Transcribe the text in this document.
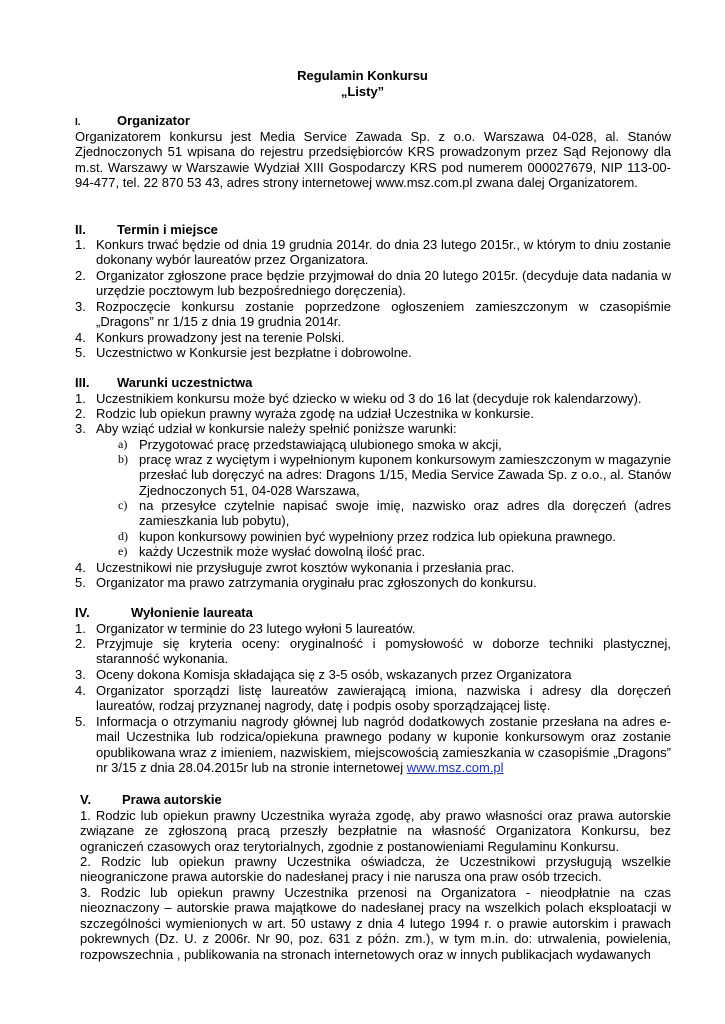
Regulamin Konkursu
„Listy”
I.	Organizator
Organizatorem konkursu jest Media Service Zawada Sp. z o.o. Warszawa 04-028, al. Stanów Zjednoczonych 51 wpisana do rejestru przedsiębiorców KRS prowadzonym przez Sąd Rejonowy dla m.st. Warszawy w Warszawie Wydział XIII Gospodarczy KRS pod numerem 000027679, NIP 113-00-94-477, tel. 22 870 53 43, adres strony internetowej www.msz.com.pl zwana dalej Organizatorem.
II. Termin i miejsce
1. Konkurs trwać będzie od dnia 19 grudnia 2014r. do dnia 23 lutego 2015r., w którym to dniu zostanie dokonany wybór laureatów przez Organizatora.
2. Organizator zgłoszone prace będzie przyjmował do dnia 20 lutego 2015r. (decyduje data nadania w urzędzie pocztowym lub bezpośredniego doręczenia).
3. Rozpoczęcie konkursu zostanie poprzedzone ogłoszeniem zamieszczonym w czasopiśmie „Dragons” nr 1/15 z dnia 19 grudnia 2014r.
4. Konkurs prowadzony jest na terenie Polski.
5. Uczestnictwo w Konkursie jest bezpłatne i dobrowolne.
III. Warunki uczestnictwa
1. Uczestnikiem konkursu może być dziecko w wieku od 3 do 16 lat (decyduje rok kalendarzowy).
2. Rodzic lub opiekun prawny wyraża zgodę na udział Uczestnika w konkursie.
3. Aby wziąć udział w konkursie należy spełnić poniższe warunki:
a) Przygotować pracę przedstawiającą ulubionego smoka w akcji,
b) pracę wraz z wyciętym i wypełnionym kuponem konkursowym zamieszczonym w magazynie przesłać lub doręczyć na adres: Dragons 1/15, Media Service Zawada Sp. z o.o., al. Stanów Zjednoczonych 51, 04-028 Warszawa,
c) na przesyłce czytelnie napisać swoje imię, nazwisko oraz adres dla doręczeń (adres zamieszkania lub pobytu),
d) kupon konkursowy powinien być wypełniony przez rodzica lub opiekuna prawnego.
e) każdy Uczestnik może wysłać dowolną ilość prac.
4. Uczestnikowi nie przysługuje zwrot kosztów wykonania i przesłania prac.
5. Organizator ma prawo zatrzymania oryginału prac zgłoszonych do konkursu.
IV.	Wyłonienie laureata
1. Organizator w terminie do 23 lutego wyłoni 5 laureatów.
2. Przyjmuje się kryteria oceny: oryginalność i pomysłowość w doborze techniki plastycznej, staranność wykonania.
3. Oceny dokona Komisja składająca się z 3-5 osób, wskazanych przez Organizatora
4. Organizator sporządzi listę laureatów zawierającą imiona, nazwiska i adresy dla doręczeń laureatów, rodzaj przyznanej nagrody, datę i podpis osoby sporządzającej listę.
5. Informacja o otrzymaniu nagrody głównej lub nagród dodatkowych zostanie przesłana na adres e-mail Uczestnika lub rodzica/opiekuna prawnego podany w kuponie konkursowym oraz zostanie opublikowana wraz z imieniem, nazwiskiem, miejscowością zamieszkania w czasopiśmie „Dragons” nr 3/15 z dnia 28.04.2015r lub na stronie internetowej www.msz.com.pl
V. Prawa autorskie
1. Rodzic lub opiekun prawny Uczestnika wyraża zgodę, aby prawo własności oraz prawa autorskie związane ze zgłoszoną pracą przeszły bezpłatnie na własność Organizatora Konkursu, bez ograniczeń czasowych oraz terytorialnych, zgodnie z postanowieniami Regulaminu Konkursu.
2. Rodzic lub opiekun prawny Uczestnika oświadcza, że Uczestnikowi przysługują wszelkie nieograniczone prawa autorskie do nadesłanej pracy i nie narusza ona praw osób trzecich.
3. Rodzic lub opiekun prawny Uczestnika przenosi na Organizatora - nieodpłatnie na czas nieoznaczony – autorskie prawa majątkowe do nadesłanej pracy na wszelkich polach eksploatacji w szczególności wymienionych w art. 50 ustawy z dnia 4 lutego 1994 r. o prawie autorskim i prawach pokrewnych (Dz. U. z 2006r. Nr 90, poz. 631 z późn. zm.), w tym m.in. do: utrwalenia, powielenia, rozpowszechnia , publikowania na stronach internetowych oraz w innych publikacjach wydawanych
